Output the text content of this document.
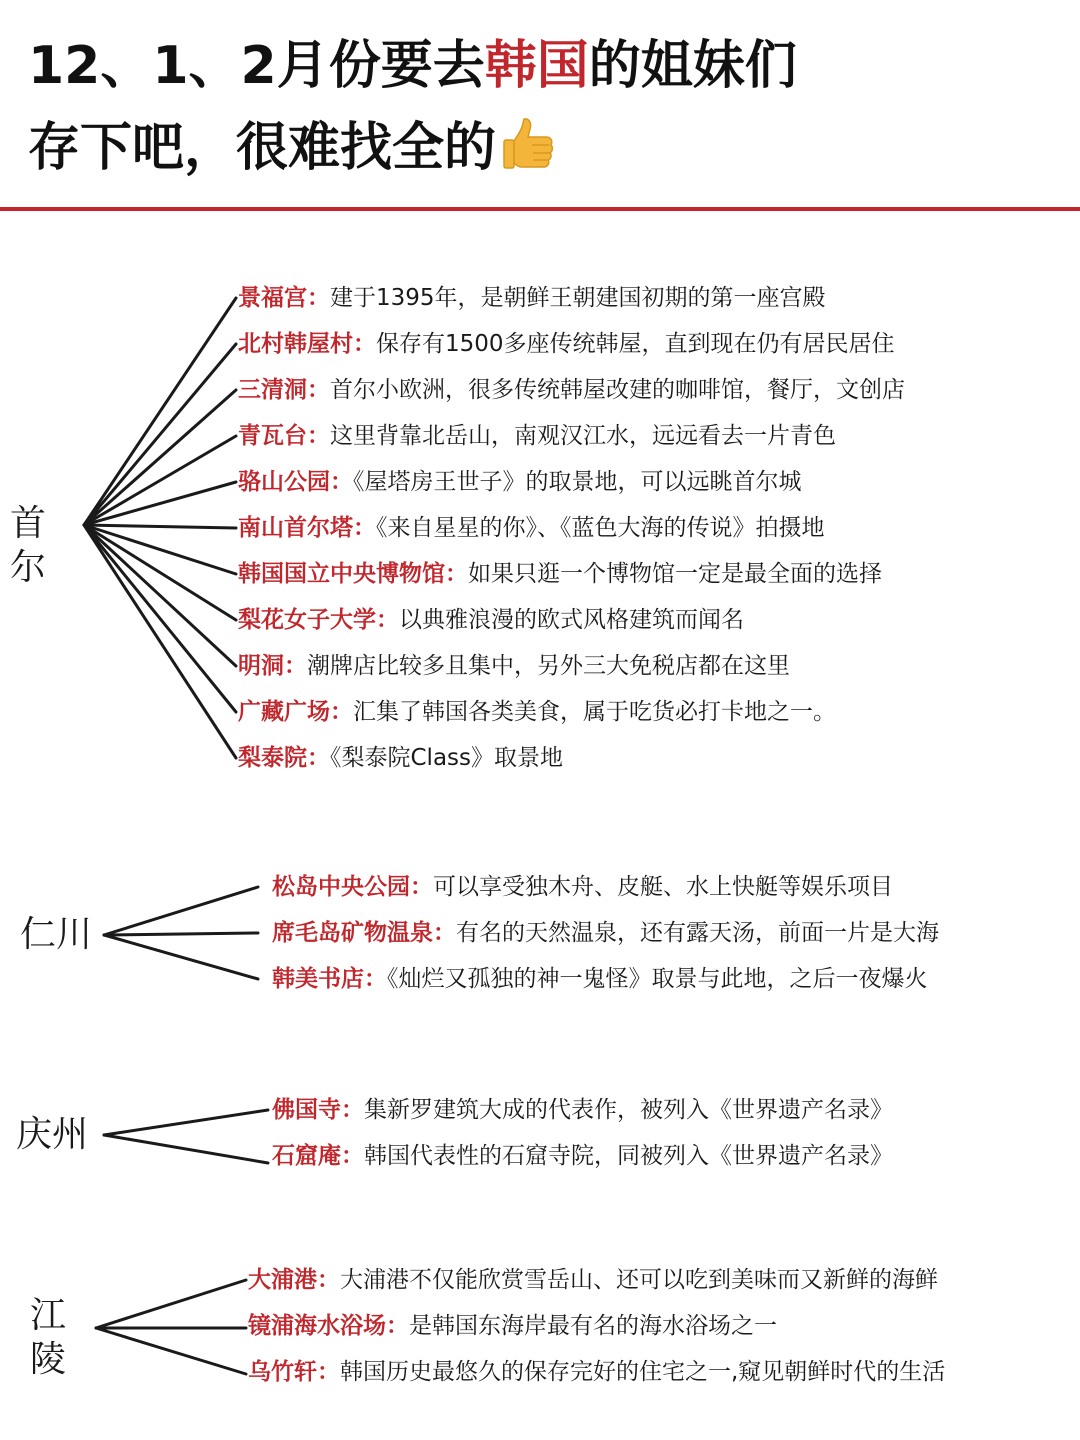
12、1、2月份要去韩国的姐妹们
存下吧，很难找全的
首尔

景福宫：建于1395年，是朝鲜王朝建国初期的第一座宫殿

北村韩屋村：保存有1500多座传统韩屋，直到现在仍有居民居住

三清洞：首尔小欧洲，很多传统韩屋改建的咖啡馆，餐厅，文创店

青瓦台：这里背靠北岳山，南观汉江水，远远看去一片青色

骆山公园：《屋塔房王世子》的取景地，可以远眺首尔城

南山首尔塔：《来自星星的你》、《蓝色大海的传说》拍摄地

韩国国立中央博物馆：如果只逛一个博物馆一定是最全面的选择

梨花女子大学：以典雅浪漫的欧式风格建筑而闻名

明洞：潮牌店比较多且集中，另外三大免税店都在这里

广藏广场：汇集了韩国各类美食，属于吃货必打卡地之一。

梨泰院：《梨泰院Class》取景地

仁川

松岛中央公园：可以享受独木舟、皮艇、水上快艇等娱乐项目

席毛岛矿物温泉：有名的天然温泉，还有露天汤，前面一片是大海

韩美书店：《灿烂又孤独的神一鬼怪》取景与此地，之后一夜爆火

庆州

佛国寺：集新罗建筑大成的代表作，被列入《世界遗产名录》

石窟庵：韩国代表性的石窟寺院，同被列入《世界遗产名录》

江陵

大浦港：大浦港不仅能欣赏雪岳山、还可以吃到美味而又新鲜的海鲜

镜浦海水浴场：是韩国东海岸最有名的海水浴场之一

乌竹轩：韩国历史最悠久的保存完好的住宅之一,窥见朝鲜时代的生活
